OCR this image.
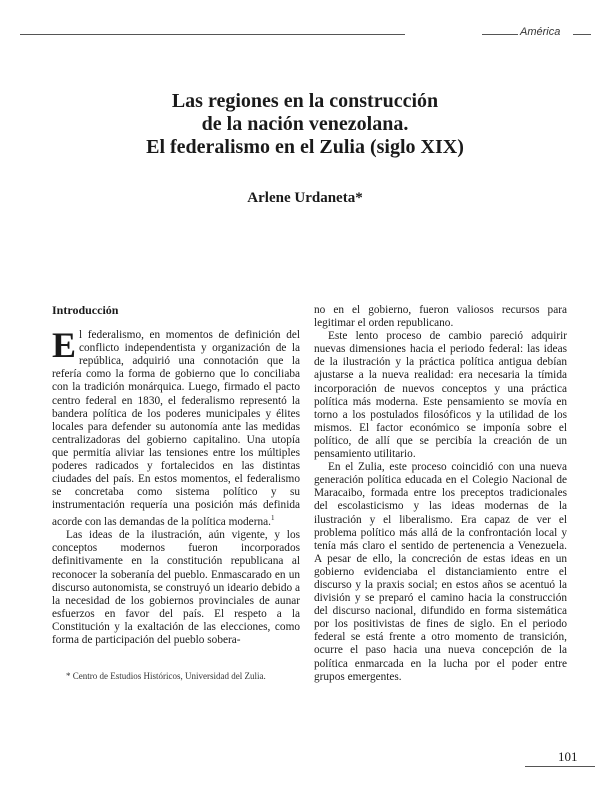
América
Las regiones en la construcción
de la nación venezolana.
El federalismo en el Zulia (siglo XIX)
Arlene Urdaneta*
Introducción

El federalismo, en momentos de definición del conflicto independentista y organización de la república, adquirió una connotación que la refería como la forma de gobierno que lo conciliaba con la tradición monárquica. Luego, firmado el pacto centro federal en 1830, el federalismo representó la bandera política de los poderes municipales y élites locales para defender su autonomía ante las medidas centralizadoras del gobierno capitalino. Una utopía que permitía aliviar las tensiones entre los múltiples poderes radicados y fortalecidos en las distintas ciudades del país. En estos momentos, el federalismo se concretaba como sistema político y su instrumentación requería una posición más definida acorde con las demandas de la política moderna.$^1$

Las ideas de la ilustración, aún vigente, y los conceptos modernos fueron incorporados definitivamente en la constitución republicana al reconocer la soberanía del pueblo. Enmascarado en un discurso autonomista, se construyó un ideario debido a la necesidad de los gobiernos provinciales de aunar esfuerzos en favor del país. El respeto a la Constitución y la exaltación de las elecciones, como forma de participación del pueblo sobera-

no en el gobierno, fueron valiosos recursos para legitimar el orden republicano.

Este lento proceso de cambio pareció adquirir nuevas dimensiones hacia el periodo federal: las ideas de la ilustración y la práctica política antigua debían ajustarse a la nueva realidad: era necesaria la tímida incorporación de nuevos conceptos y una práctica política más moderna. Este pensamiento se movía en torno a los postulados filosóficos y la utilidad de los mismos. El factor económico se imponía sobre el político, de allí que se percibía la creación de un pensamiento utilitario.

En el Zulia, este proceso coincidió con una nueva generación política educada en el Colegio Nacional de Maracaibo, formada entre los preceptos tradicionales del escolasticismo y las ideas modernas de la ilustración y el liberalismo. Era capaz de ver el problema político más allá de la confrontación local y tenía más claro el sentido de pertenencia a Venezuela. A pesar de ello, la concreción de estas ideas en un gobierno evidenciaba el distanciamiento entre el discurso y la praxis social; en estos años se acentuó la división y se preparó el camino hacia la construcción del discurso nacional, difundido en forma sistemática por los positivistas de fines de siglo. En el periodo federal se está frente a otro momento de transición, ocurre el paso hacia una nueva concepción de la política enmarcada en la lucha por el poder entre grupos emergentes.

* Centro de Estudios Históricos, Universidad del Zulia.
101
